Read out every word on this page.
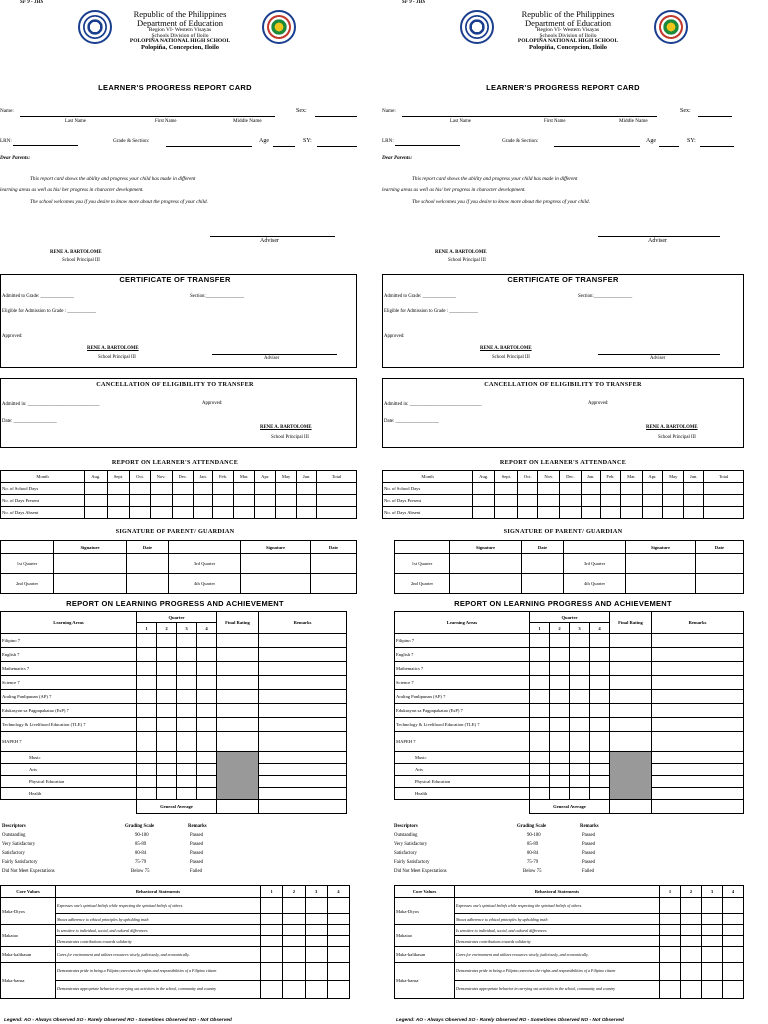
SF 9 - JHS
Republic of the Philippines
Department of Education
Region VI- Western Visayas
Schools Division of Iloilo
POLOPIÑA NATIONAL HIGH SCHOOL
Polopiña, Concepcion, Iloilo
LEARNER'S PROGRESS REPORT CARD
Name:	Sex:
Last Name	First Name	Middle Name
LRN:	Grade & Section:	Age	SY:
Dear Parents:
This report card shows the ability and progress your child has made in different
learning areas as well as his/ her progress in character development.
The school welcomes you if you desire to know more about the progress of your child.
Adviser
RENE A. BARTOLOME
School Principal III
CERTIFICATE OF TRANSFER
Admitted to Grade: ______________	Section:________________
Eligible for Admission to Grade : ____________
Approved:
RENE A. BARTOLOME
School Principal III	Adviser
CANCELLATION OF ELIGIBILITY TO TRANSFER
Admitted in: ______________________________	Approved:
Date: __________________
RENE A. BARTOLOME
School Principal III
REPORT ON LEARNER'S ATTENDANCE
Month	Aug.	Sept.	Oct.	Nov.	Dec.	Jan.	Feb.	Mar.	Apr.	May	Jun.	Total
No. of School Days												
No. of Days Present												
No. of Days Absent												
SIGNATURE OF PARENT/ GUARDIAN
	Signature	Date		Signature	Date
1st Quarter			3rd Quarter		
2nd Quarter			4th Quarter		
REPORT ON LEARNING PROGRESS AND ACHIEVEMENT
Learning Areas	Quarter				Final Rating	Remarks
	1	2	3	4		
Filipino 7						
English 7						
Mathematics 7						
Science 7						
Araling Panlipunan (AP) 7						
Edukasyon sa Pagpapakatao (EsP) 7						
Technology & Livelihood Education (TLE) 7						
MAPEH 7						
Music						
Arts						
Physical Education						
Health						
	General Average					
Descriptors	Grading Scale	Remarks
Outstanding	90-100	Passed
Very Satisfactory	85-89	Passed
Satisfactory	80-84	Passed
Fairly Satisfactory	75-79	Passed
Did Not Meet Expectations	Below 75	Failed
Core Values	Behavioral Statements	1	2	3	4
Maka-Diyos	Expresses one's spiritual beliefs while respecting the spiritual beliefs of others.				
	Shows adherence to ethical principles by upholding truth				
Makatao	Is sensitive to individual, social, and cultural differences				
	Demonstrates contributions towards solidarity				
Maka-kalikasan	Cares for environment and utilizes resources wisely, judiciously, and economically.				
Maka-bansa	Demonstrates pride in being a Filipino;exercises the rights and responsibilities of a Filipino citizen				
	Demonstrates appropriate behavior in carrying out activities in the school, community and country				
Legend: AO - Always Observed SO - Rarely Observed RO - Sometimes Observed NO - Not Observed
SF 9 - JHS
Republic of the Philippines
Department of Education
Region VI- Western Visayas
Schools Division of Iloilo
POLOPIÑA NATIONAL HIGH SCHOOL
Polopiña, Concepcion, Iloilo
LEARNER'S PROGRESS REPORT CARD
Name:	Sex:
Last Name	First Name	Middle Name
LRN:	Grade & Section:	Age	SY:
Dear Parents:
This report card shows the ability and progress your child has made in different
learning areas as well as his/ her progress in character development.
The school welcomes you if you desire to know more about the progress of your child.
Adviser
RENE A. BARTOLOME
School Principal III
CERTIFICATE OF TRANSFER
Admitted to Grade: ______________	Section:________________
Eligible for Admission to Grade : ____________
Approved:
RENE A. BARTOLOME
School Principal III	Adviser
CANCELLATION OF ELIGIBILITY TO TRANSFER
Admitted in: ______________________________	Approved:
Date: __________________
RENE A. BARTOLOME
School Principal III
REPORT ON LEARNER'S ATTENDANCE
Month	Aug.	Sept.	Oct.	Nov.	Dec.	Jan.	Feb.	Mar.	Apr.	May	Jun.	Total
No. of School Days												
No. of Days Present												
No. of Days Absent												
SIGNATURE OF PARENT/ GUARDIAN
	Signature	Date		Signature	Date
1st Quarter			3rd Quarter		
2nd Quarter			4th Quarter		
REPORT ON LEARNING PROGRESS AND ACHIEVEMENT
Learning Areas	Quarter				Final Rating	Remarks
	1	2	3	4		
Filipino 7						
English 7						
Mathematics 7						
Science 7						
Araling Panlipunan (AP) 7						
Edukasyon sa Pagpapakatao (EsP) 7						
Technology & Livelihood Education (TLE) 7						
MAPEH 7						
Music						
Arts						
Physical Education						
Health						
	General Average					
Descriptors	Grading Scale	Remarks
Outstanding	90-100	Passed
Very Satisfactory	85-89	Passed
Satisfactory	80-84	Passed
Fairly Satisfactory	75-79	Passed
Did Not Meet Expectations	Below 75	Failed
Core Values	Behavioral Statements	1	2	3	4
Maka-Diyos	Expresses one's spiritual beliefs while respecting the spiritual beliefs of others.				
	Shows adherence to ethical principles by upholding truth				
Makatao	Is sensitive to individual, social, and cultural differences				
	Demonstrates contributions towards solidarity				
Maka-kalikasan	Cares for environment and utilizes resources wisely, judiciously, and economically.				
Maka-bansa	Demonstrates pride in being a Filipino;exercises the rights and responsibilities of a Filipino citizen				
	Demonstrates appropriate behavior in carrying out activities in the school, community and country				
Legend: AO - Always Observed SO - Rarely Observed RO - Sometimes Observed NO - Not Observed
